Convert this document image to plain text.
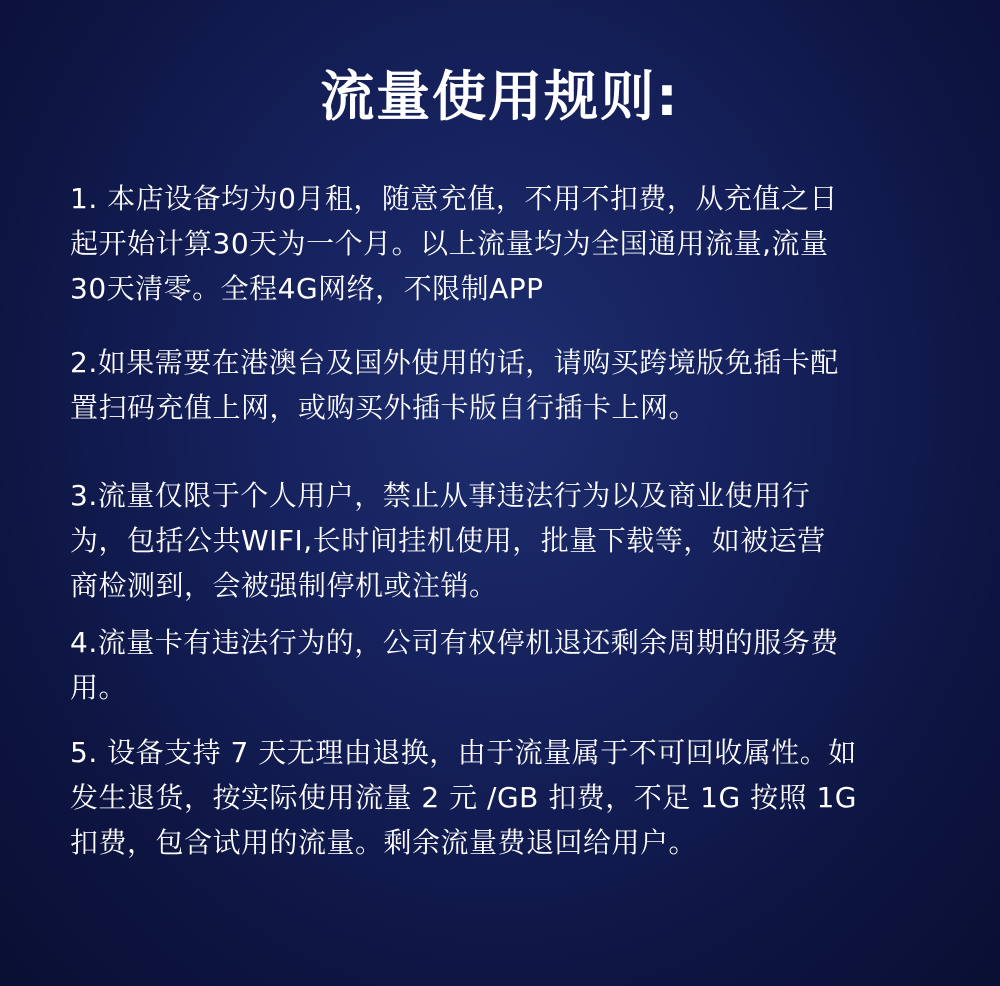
流量使用规则:
1. 本店设备均为0月租，随意充值，不用不扣费，从充值之日
起开始计算30天为一个月。以上流量均为全国通用流量,流量
30天清零。全程4G网络，不限制APP
2.如果需要在港澳台及国外使用的话，请购买跨境版免插卡配
置扫码充值上网，或购买外插卡版自行插卡上网。
3.流量仅限于个人用户，禁止从事违法行为以及商业使用行
为，包括公共WIFI,长时间挂机使用，批量下载等，如被运营
商检测到，会被强制停机或注销。
4.流量卡有违法行为的，公司有权停机退还剩余周期的服务费
用。
5. 设备支持 7 天无理由退换，由于流量属于不可回收属性。如
发生退货，按实际使用流量 2 元 /GB 扣费，不足 1G 按照 1G
扣费，包含试用的流量。剩余流量费退回给用户。
